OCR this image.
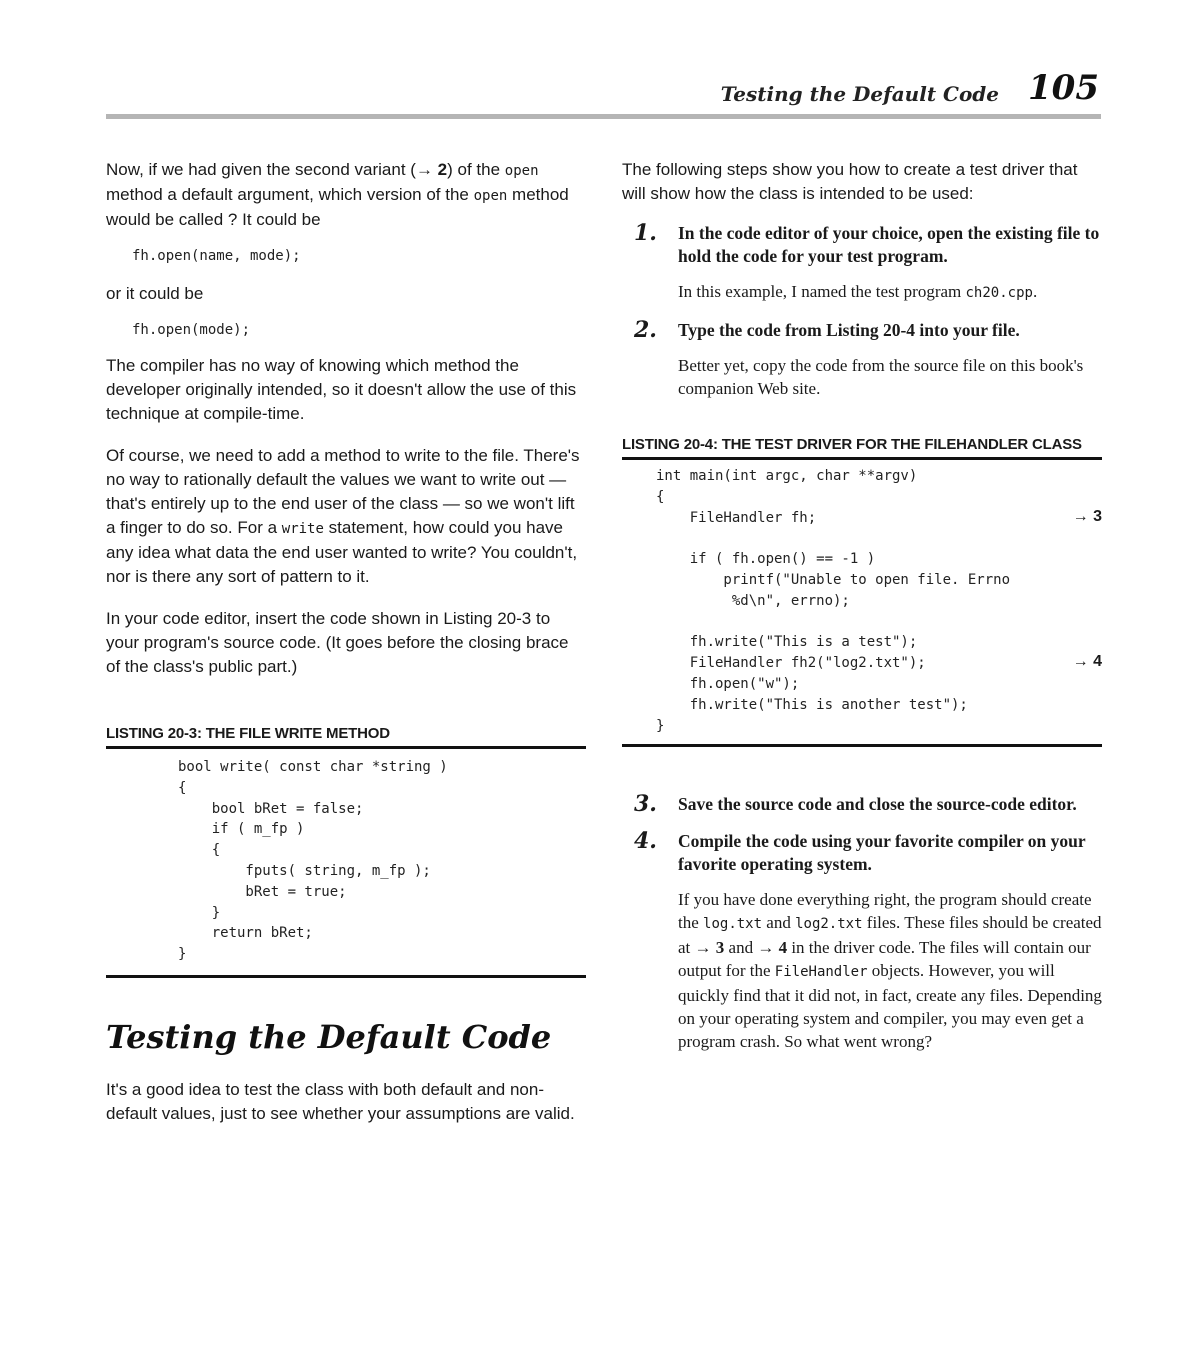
Testing the Default Code 105

Now, if we had given the second variant (→ 2) of the open method a default argument, which version of the open method would be called ? It could be

fh.open(name, mode);

or it could be

fh.open(mode);

The compiler has no way of knowing which method the developer originally intended, so it doesn't allow the use of this technique at compile-time.

Of course, we need to add a method to write to the file. There's no way to rationally default the values we want to write out — that's entirely up to the end user of the class — so we won't lift a finger to do so. For a write statement, how could you have any idea what data the end user wanted to write? You couldn't, nor is there any sort of pattern to it.

In your code editor, insert the code shown in Listing 20-3 to your program's source code. (It goes before the closing brace of the class's public part.)

LISTING 20-3: THE FILE WRITE METHOD
bool write( const char *string )
{
bool bRet = false;
if ( m_fp )
{
fputs( string, m_fp );
bRet = true;
}
return bRet;
}
Testing the Default Code

It's a good idea to test the class with both default and non-default values, just to see whether your assumptions are valid.

The following steps show you how to create a test driver that will show how the class is intended to be used:

1. In the code editor of your choice, open the existing file to hold the code for your test program.

In this example, I named the test program ch20.cpp.

2. Type the code from Listing 20-4 into your file.

Better yet, copy the code from the source file on this book's companion Web site.

LISTING 20-4: THE TEST DRIVER FOR THE FILEHANDLER CLASS
int main(int argc, char **argv)
{
FileHandler fh;	→ 3

if ( fh.open() == -1 )
printf("Unable to open file. Errno
%d\n", errno);

fh.write("This is a test");

FileHandler fh2("log2.txt");	→ 4
fh.open("w");
fh.write("This is another test");
}
3. Save the source code and close the source-code editor.

4. Compile the code using your favorite compiler on your favorite operating system.

If you have done everything right, the program should create the log.txt and log2.txt files. These files should be created at → 3 and → 4 in the driver code. The files will contain our output for the FileHandler objects. However, you will quickly find that it did not, in fact, create any files. Depending on your operating system and compiler, you may even get a program crash. So what went wrong?
